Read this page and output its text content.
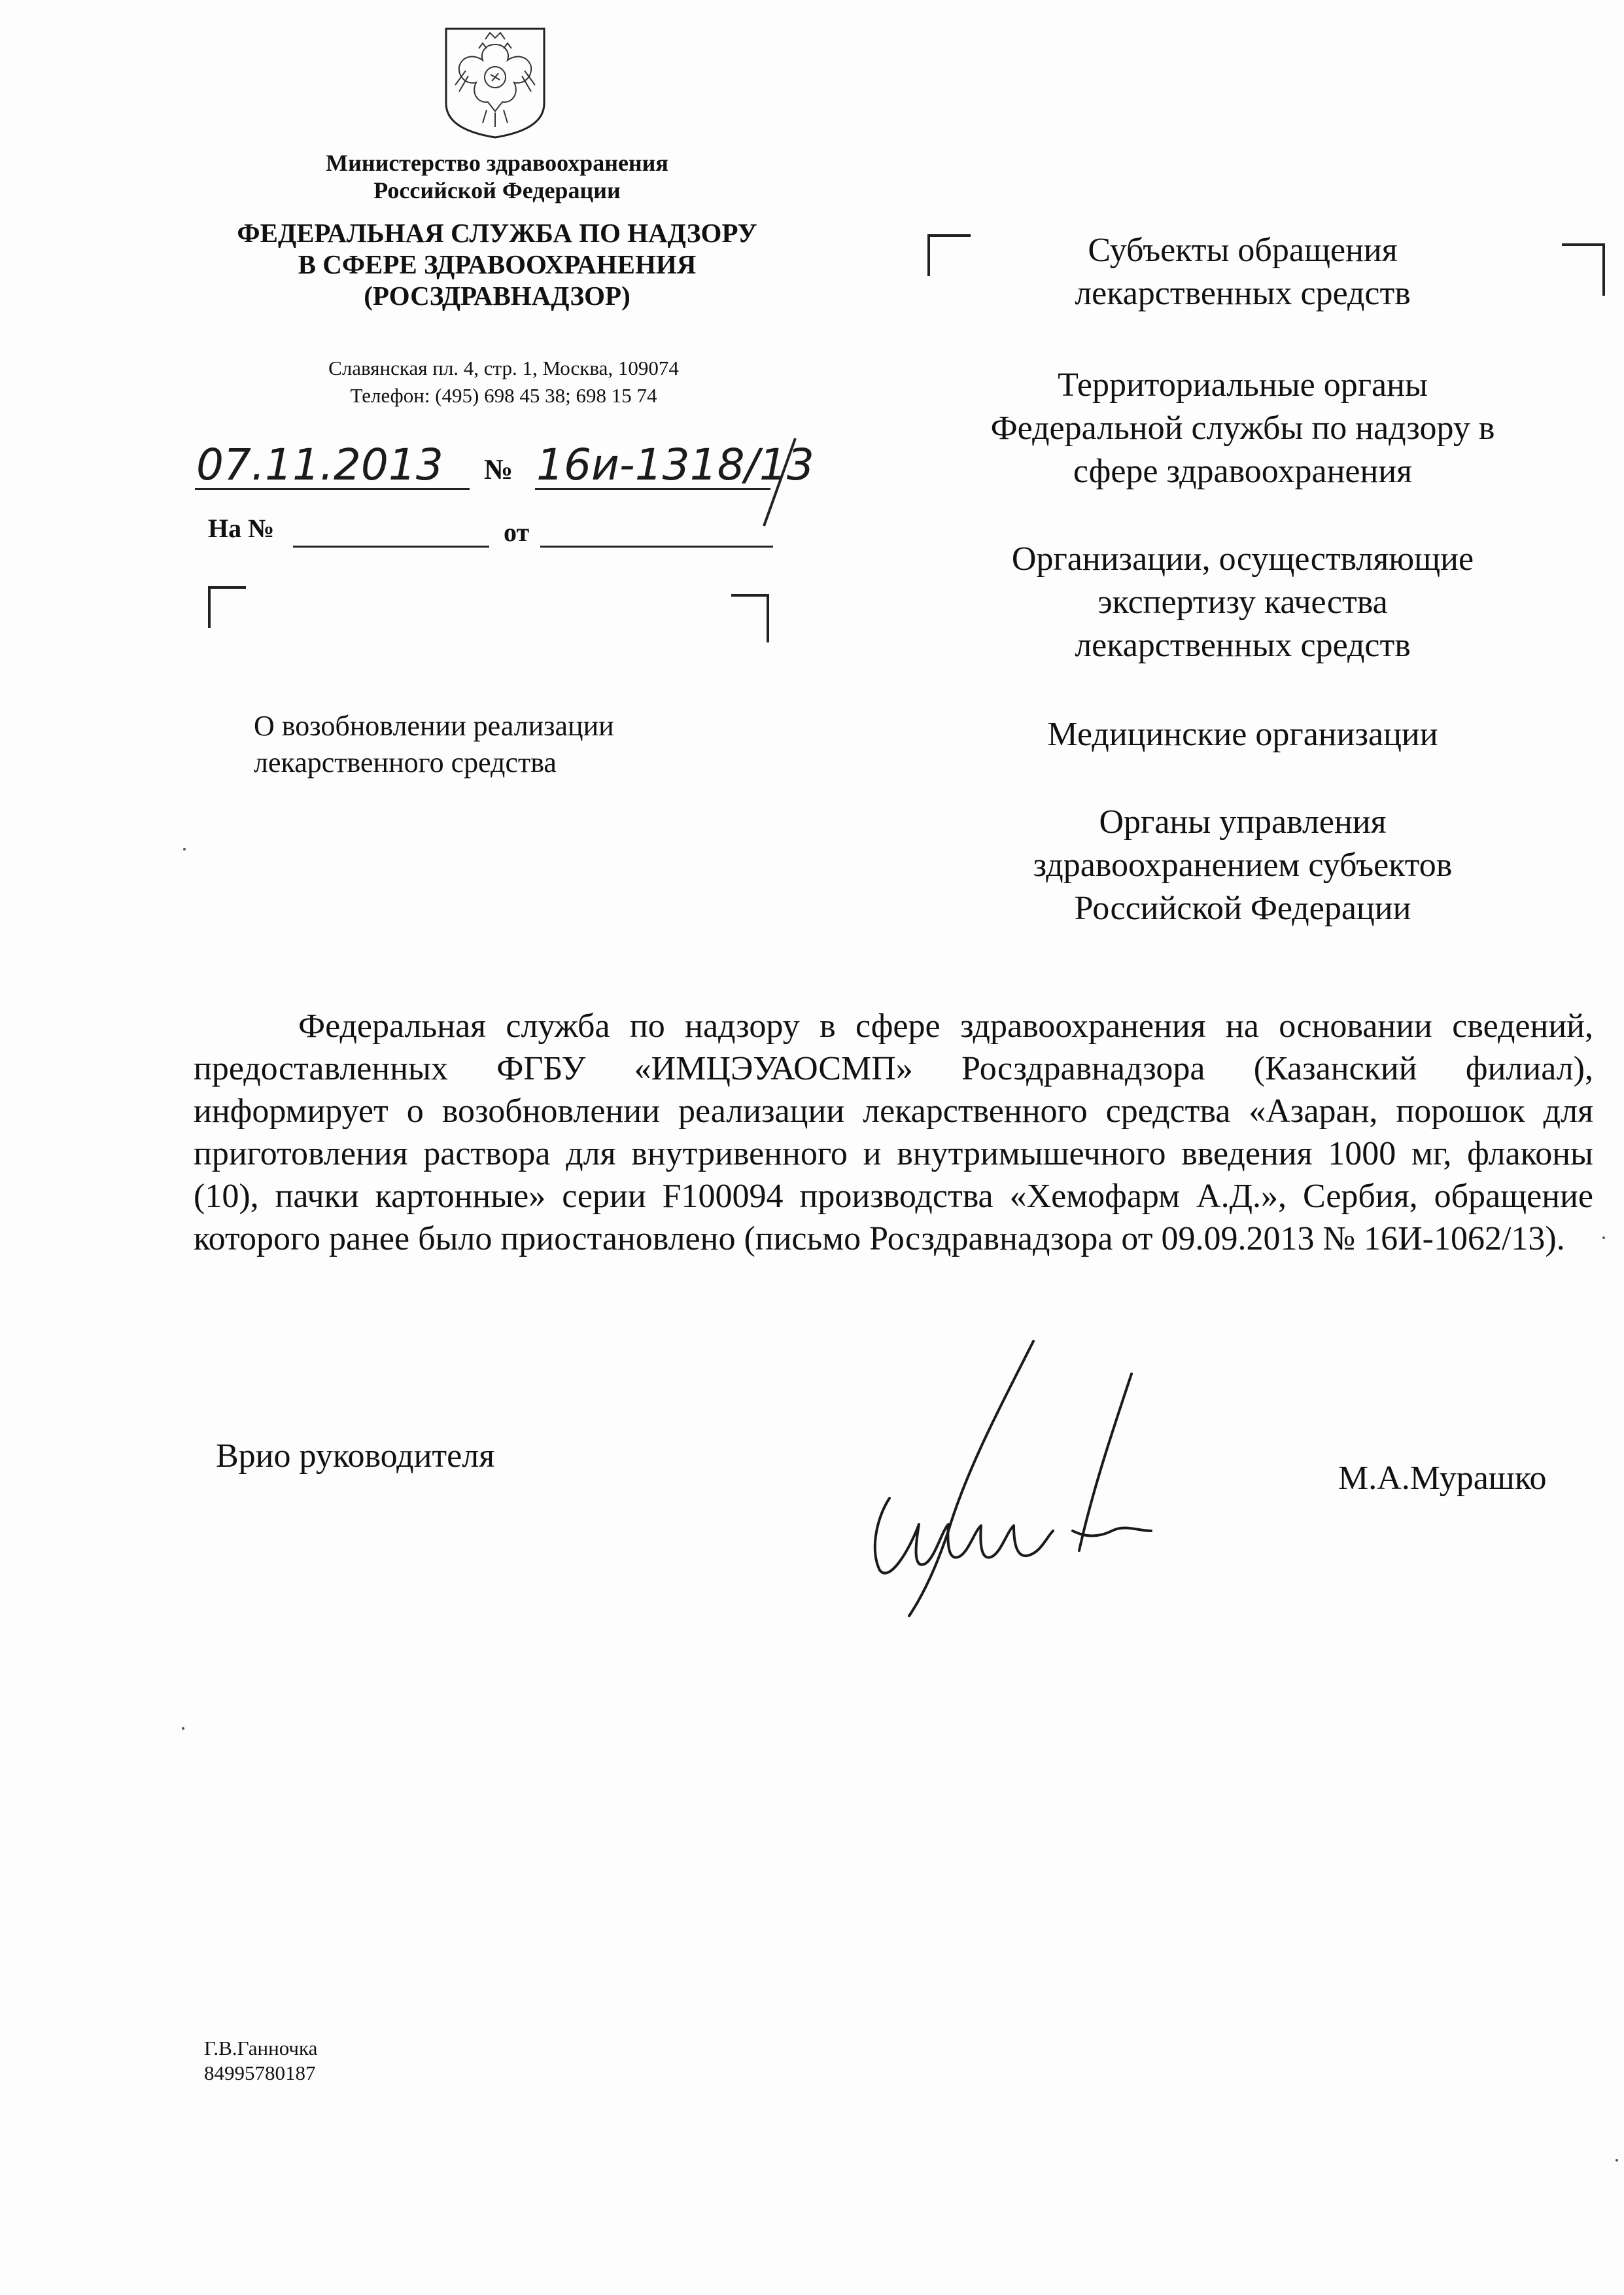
Министерство здравоохранения
Российской Федерации
ФЕДЕРАЛЬНАЯ СЛУЖБА ПО НАДЗОРУ
В СФЕРЕ ЗДРАВООХРАНЕНИЯ
(РОСЗДРАВНАДЗОР)
Славянская пл. 4, стр. 1, Москва, 109074
Телефон: (495) 698 45 38; 698 15 74
07.11.2013	№ 16и-1318/13
На №	от
О возобновлении реализации
лекарственного средства
Субъекты обращения
лекарственных средств
Территориальные органы
Федеральной службы по надзору в
сфере здравоохранения
Организации, осуществляющие
экспертизу качества
лекарственных средств
Медицинские организации
Органы управления
здравоохранением субъектов
Российской Федерации
Федеральная служба по надзору в сфере здравоохранения на основании сведений, предоставленных ФГБУ «ИМЦЭУАОСМП» Росздравнадзора (Казанский филиал), информирует о возобновлении реализации лекарственного средства «Азаран, порошок для приготовления раствора для внутривенного и внутримышечного введения 1000 мг, флаконы (10), пачки картонные» серии F100094 производства «Хемофарм А.Д.», Сербия, обращение которого ранее было приостановлено (письмо Росздравнадзора от 09.09.2013 № 16И-1062/13).
Врио руководителя
М.А.Мурашко
Г.В.Ганночка
84995780187
